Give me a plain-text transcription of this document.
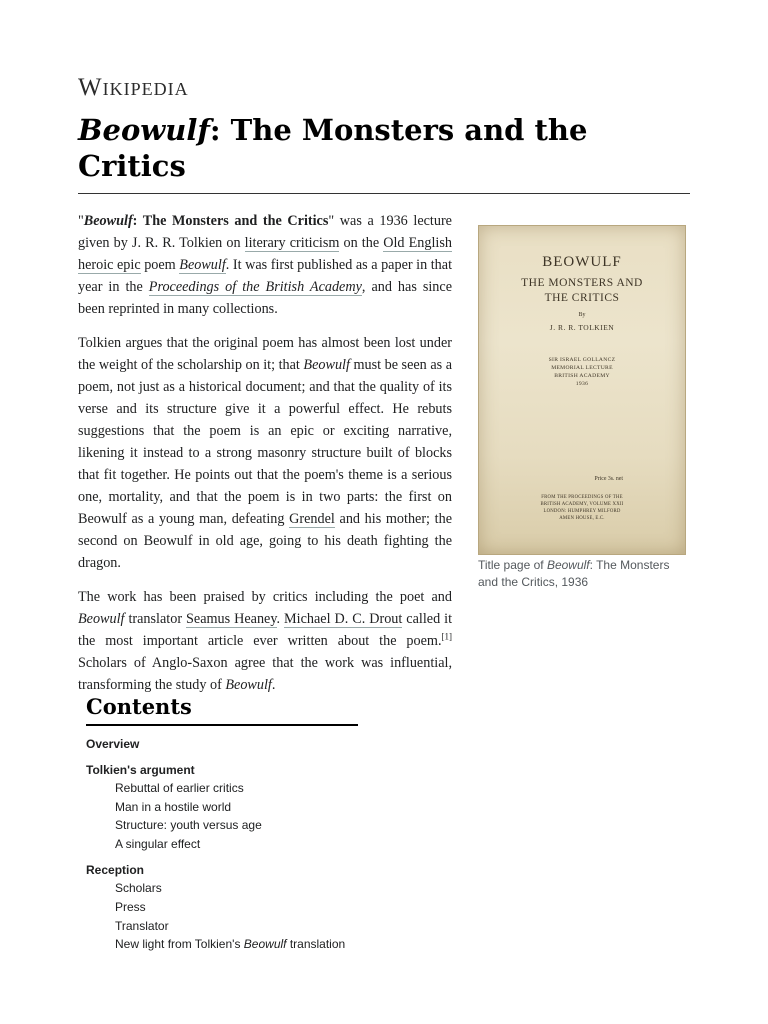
Wikipedia
Beowulf: The Monsters and the Critics

"Beowulf: The Monsters and the Critics" was a 1936 lecture given by J. R. R. Tolkien on literary criticism on the Old English heroic epic poem Beowulf. It was first published as a paper in that year in the Proceedings of the British Academy, and has since been reprinted in many collections.

Tolkien argues that the original poem has almost been lost under the weight of the scholarship on it; that Beowulf must be seen as a poem, not just as a historical document; and that the quality of its verse and its structure give it a powerful effect. He rebuts suggestions that the poem is an epic or exciting narrative, likening it instead to a strong masonry structure built of blocks that fit together. He points out that the poem's theme is a serious one, mortality, and that the poem is in two parts: the first on Beowulf as a young man, defeating Grendel and his mother; the second on Beowulf in old age, going to his death fighting the dragon.

The work has been praised by critics including the poet and Beowulf translator Seamus Heaney. Michael D. C. Drout called it the most important article ever written about the poem.[1] Scholars of Anglo-Saxon agree that the work was influential, transforming the study of Beowulf.

BEOWULF
THE MONSTERS AND
THE CRITICS
By
J. R. R. TOLKIEN
SIR ISRAEL GOLLANCZ
MEMORIAL LECTURE
BRITISH ACADEMY
1936
Price 3s. net
FROM THE PROCEEDINGS OF THE
BRITISH ACADEMY, VOLUME XXII
LONDON: HUMPHREY MILFORD
AMEN HOUSE, E.C.
Title page of Beowulf: The Monsters and the Critics, 1936
Contents
Overview
Tolkien's argument
Rebuttal of earlier critics
Man in a hostile world
Structure: youth versus age
A singular effect
Reception
Scholars
Press
Translator
New light from Tolkien's Beowulf translation
